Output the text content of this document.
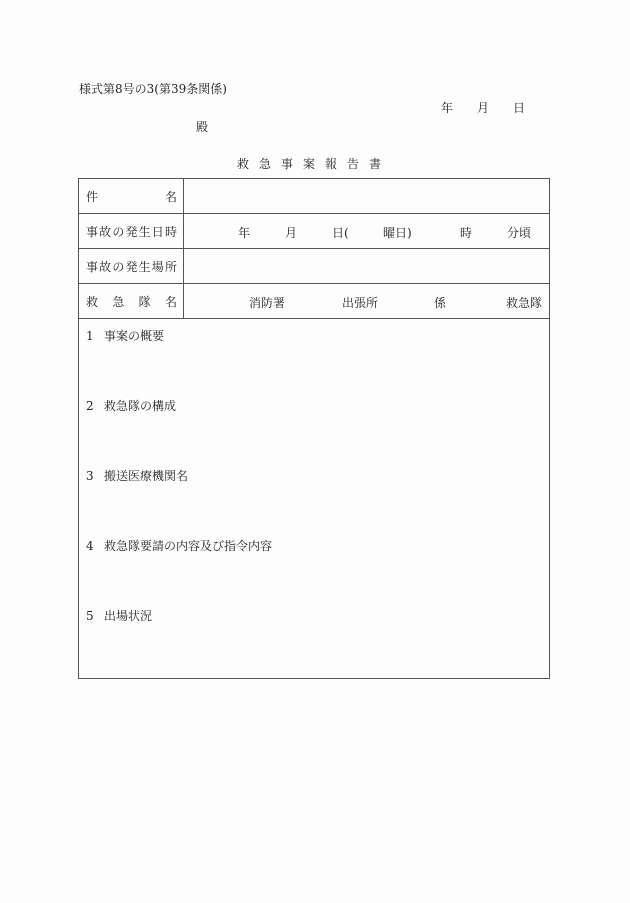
様式第8号の3(第39条関係)
年 月 日
殿
救急事案報告書
件	名
事 故 の 発 生 日 時	年	月	日(	曜日)	時	分頃
事 故 の 発 生 場 所
救 急 隊 名	消防署	出張所	係	救急隊
1 事案の概要
2 救急隊の構成
3 搬送医療機関名
4 救急隊要請の内容及び指令内容
5 出場状況
